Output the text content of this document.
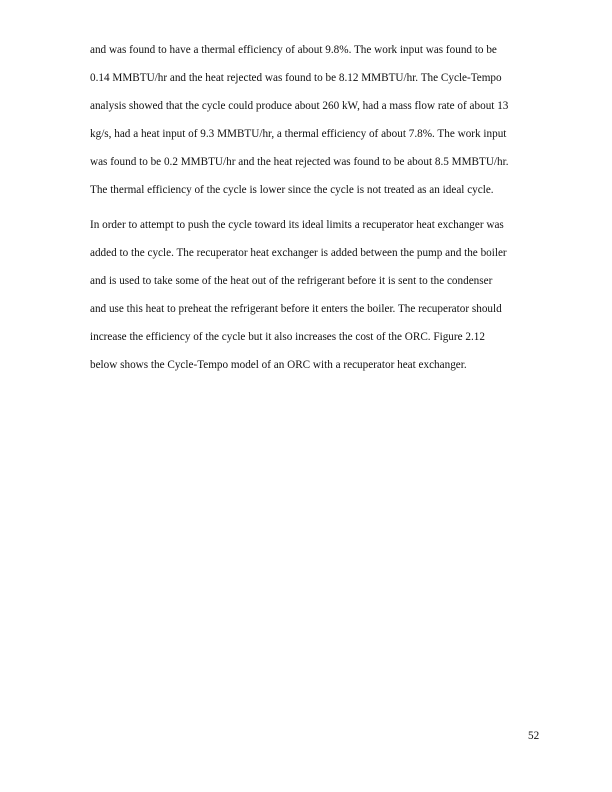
and was found to have a thermal efficiency of about 9.8%. The work input was found to be
0.14 MMBTU/hr and the heat rejected was found to be 8.12 MMBTU/hr. The Cycle-Tempo
analysis showed that the cycle could produce about 260 kW, had a mass flow rate of about 13
kg/s, had a heat input of 9.3 MMBTU/hr, a thermal efficiency of about 7.8%. The work input
was found to be 0.2 MMBTU/hr and the heat rejected was found to be about 8.5 MMBTU/hr.
The thermal efficiency of the cycle is lower since the cycle is not treated as an ideal cycle.
In order to attempt to push the cycle toward its ideal limits a recuperator heat exchanger was
added to the cycle. The recuperator heat exchanger is added between the pump and the boiler
and is used to take some of the heat out of the refrigerant before it is sent to the condenser
and use this heat to preheat the refrigerant before it enters the boiler. The recuperator should
increase the efficiency of the cycle but it also increases the cost of the ORC. Figure 2.12
below shows the Cycle-Tempo model of an ORC with a recuperator heat exchanger.
52
